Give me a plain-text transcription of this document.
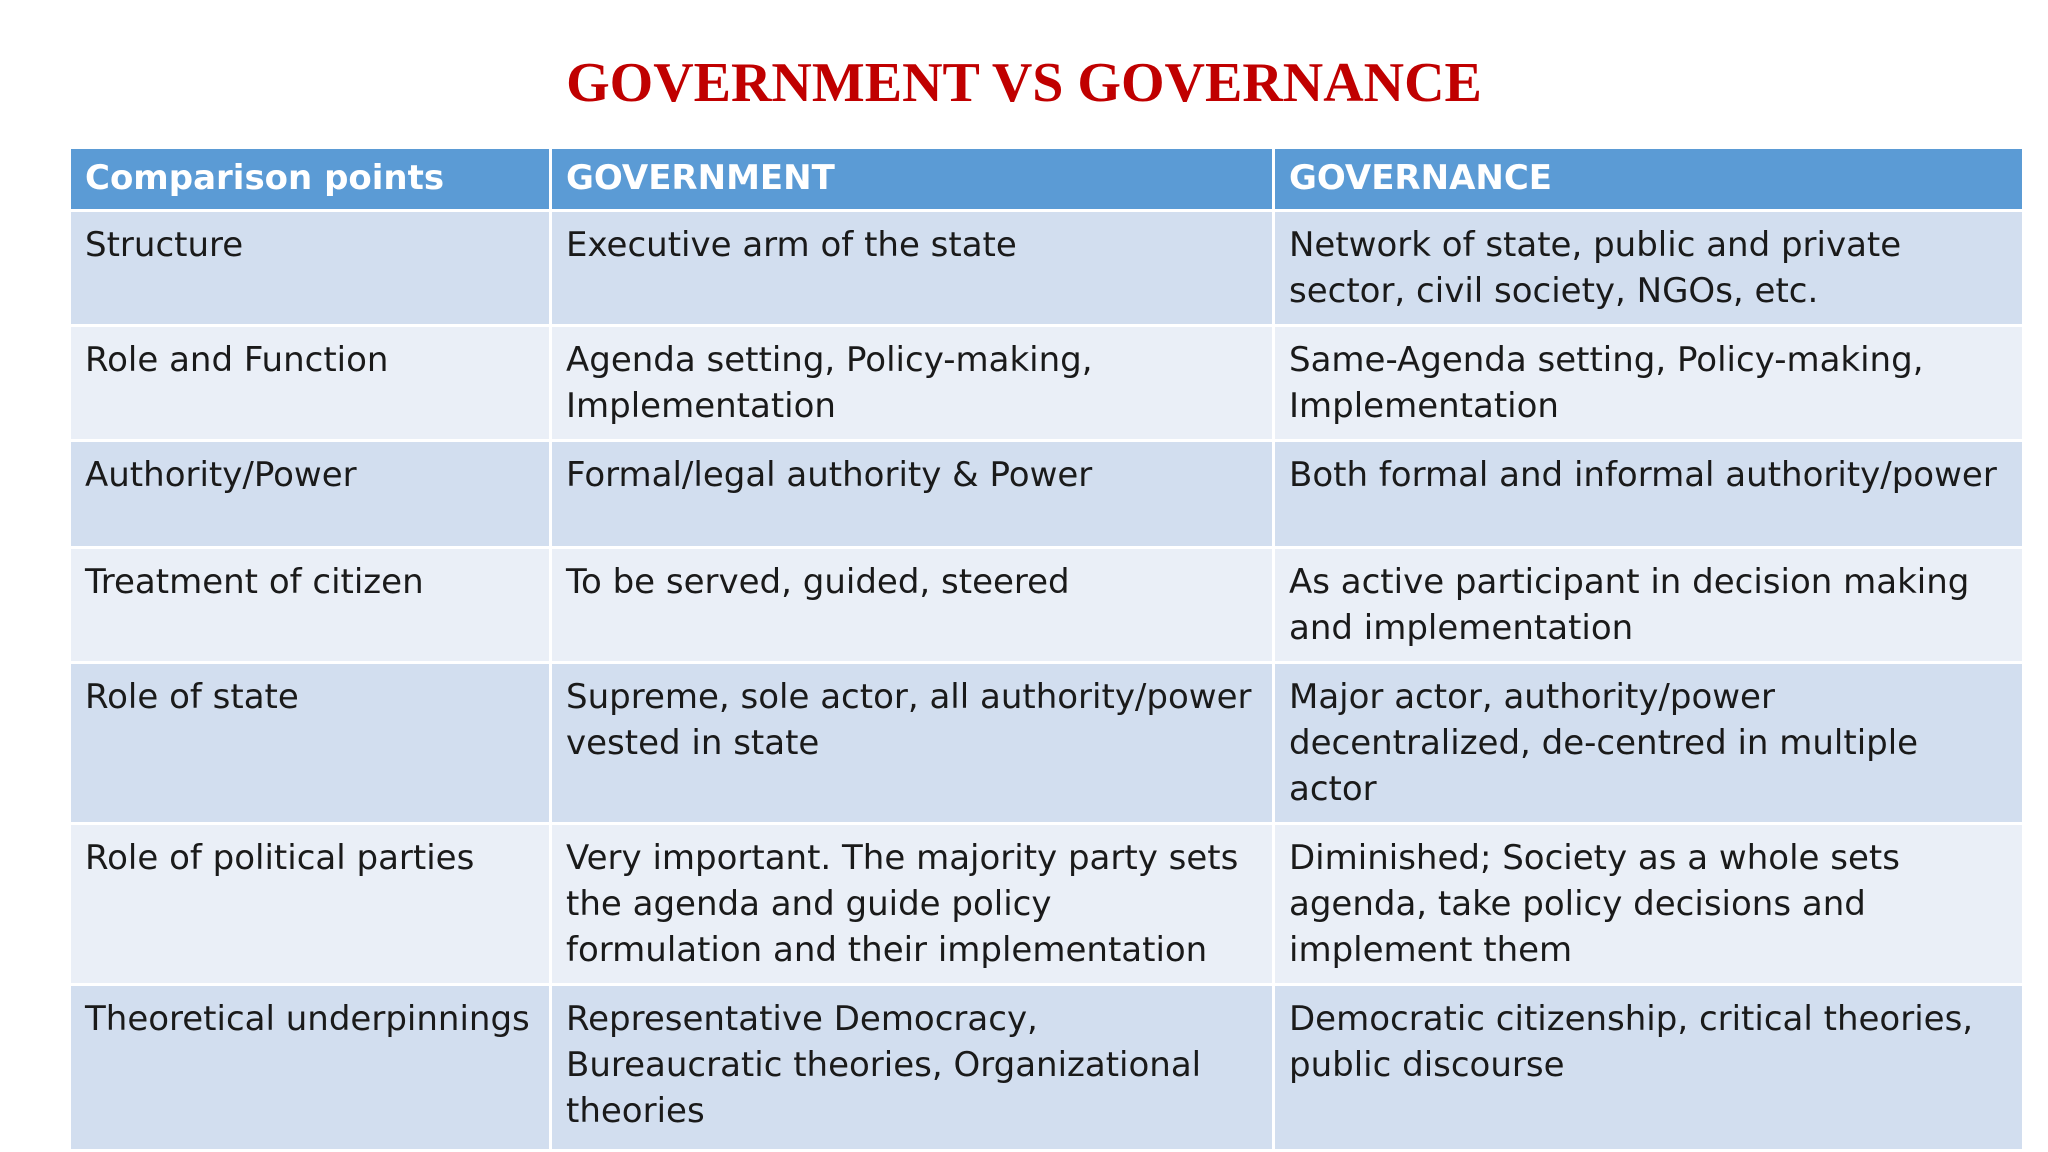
GOVERNMENT VS GOVERNANCE
Comparison points	GOVERNMENT	GOVERNANCE
Structure	Executive arm of the state	Network of state, public and private sector, civil society, NGOs, etc.
Role and Function	Agenda setting, Policy-making, Implementation	Same-Agenda setting, Policy-making, Implementation
Authority/Power	Formal/legal authority & Power	Both formal and informal authority/power
Treatment of citizen	To be served, guided, steered	As active participant in decision making and implementation
Role of state	Supreme, sole actor, all authority/power vested in state	Major actor, authority/power decentralized, de-centred in multiple actor
Role of political parties	Very important. The majority party sets the agenda and guide policy formulation and their implementation	Diminished; Society as a whole sets agenda, take policy decisions and implement them
Theoretical underpinnings	Representative Democracy, Bureaucratic theories, Organizational theories	Democratic citizenship, critical theories, public discourse
